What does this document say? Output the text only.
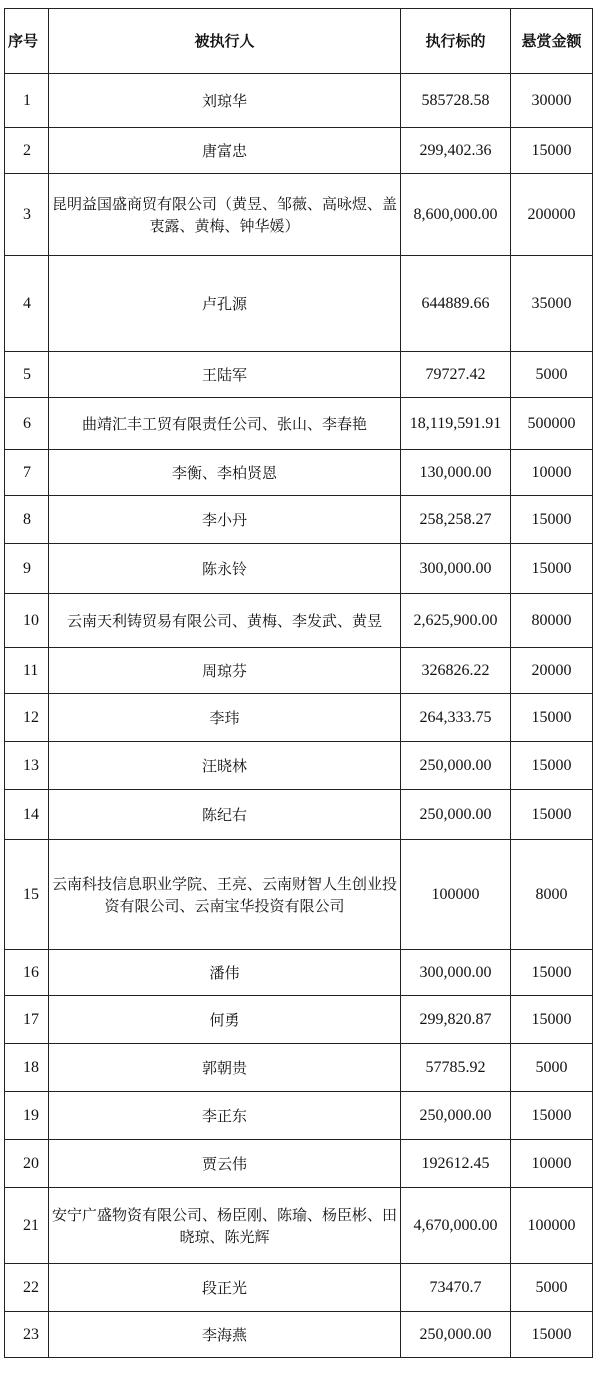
序号	被执行人	执行标的	悬赏金额
1	刘琼华	585728.58	30000
2	唐富忠	299,402.36	15000
3	昆明益国盛商贸有限公司（黄昱、邹薇、高咏煜、盖衷露、黄梅、钟华媛）	8,600,000.00	200000
4	卢孔源	644889.66	35000
5	王陆军	79727.42	5000
6	曲靖汇丰工贸有限责任公司、张山、李春艳	18,119,591.91	500000
7	李衡、李柏贤恩	130,000.00	10000
8	李小丹	258,258.27	15000
9	陈永铃	300,000.00	15000
10	云南天利铸贸易有限公司、黄梅、李发武、黄昱	2,625,900.00	80000
11	周琼芬	326826.22	20000
12	李玮	264,333.75	15000
13	汪晓林	250,000.00	15000
14	陈纪右	250,000.00	15000
15	云南科技信息职业学院、王亮、云南财智人生创业投资有限公司、云南宝华投资有限公司	100000	8000
16	潘伟	300,000.00	15000
17	何勇	299,820.87	15000
18	郭朝贵	57785.92	5000
19	李正东	250,000.00	15000
20	贾云伟	192612.45	10000
21	安宁广盛物资有限公司、杨臣刚、陈瑜、杨臣彬、田晓琼、陈光辉	4,670,000.00	100000
22	段正光	73470.7	5000
23	李海燕	250,000.00	15000
